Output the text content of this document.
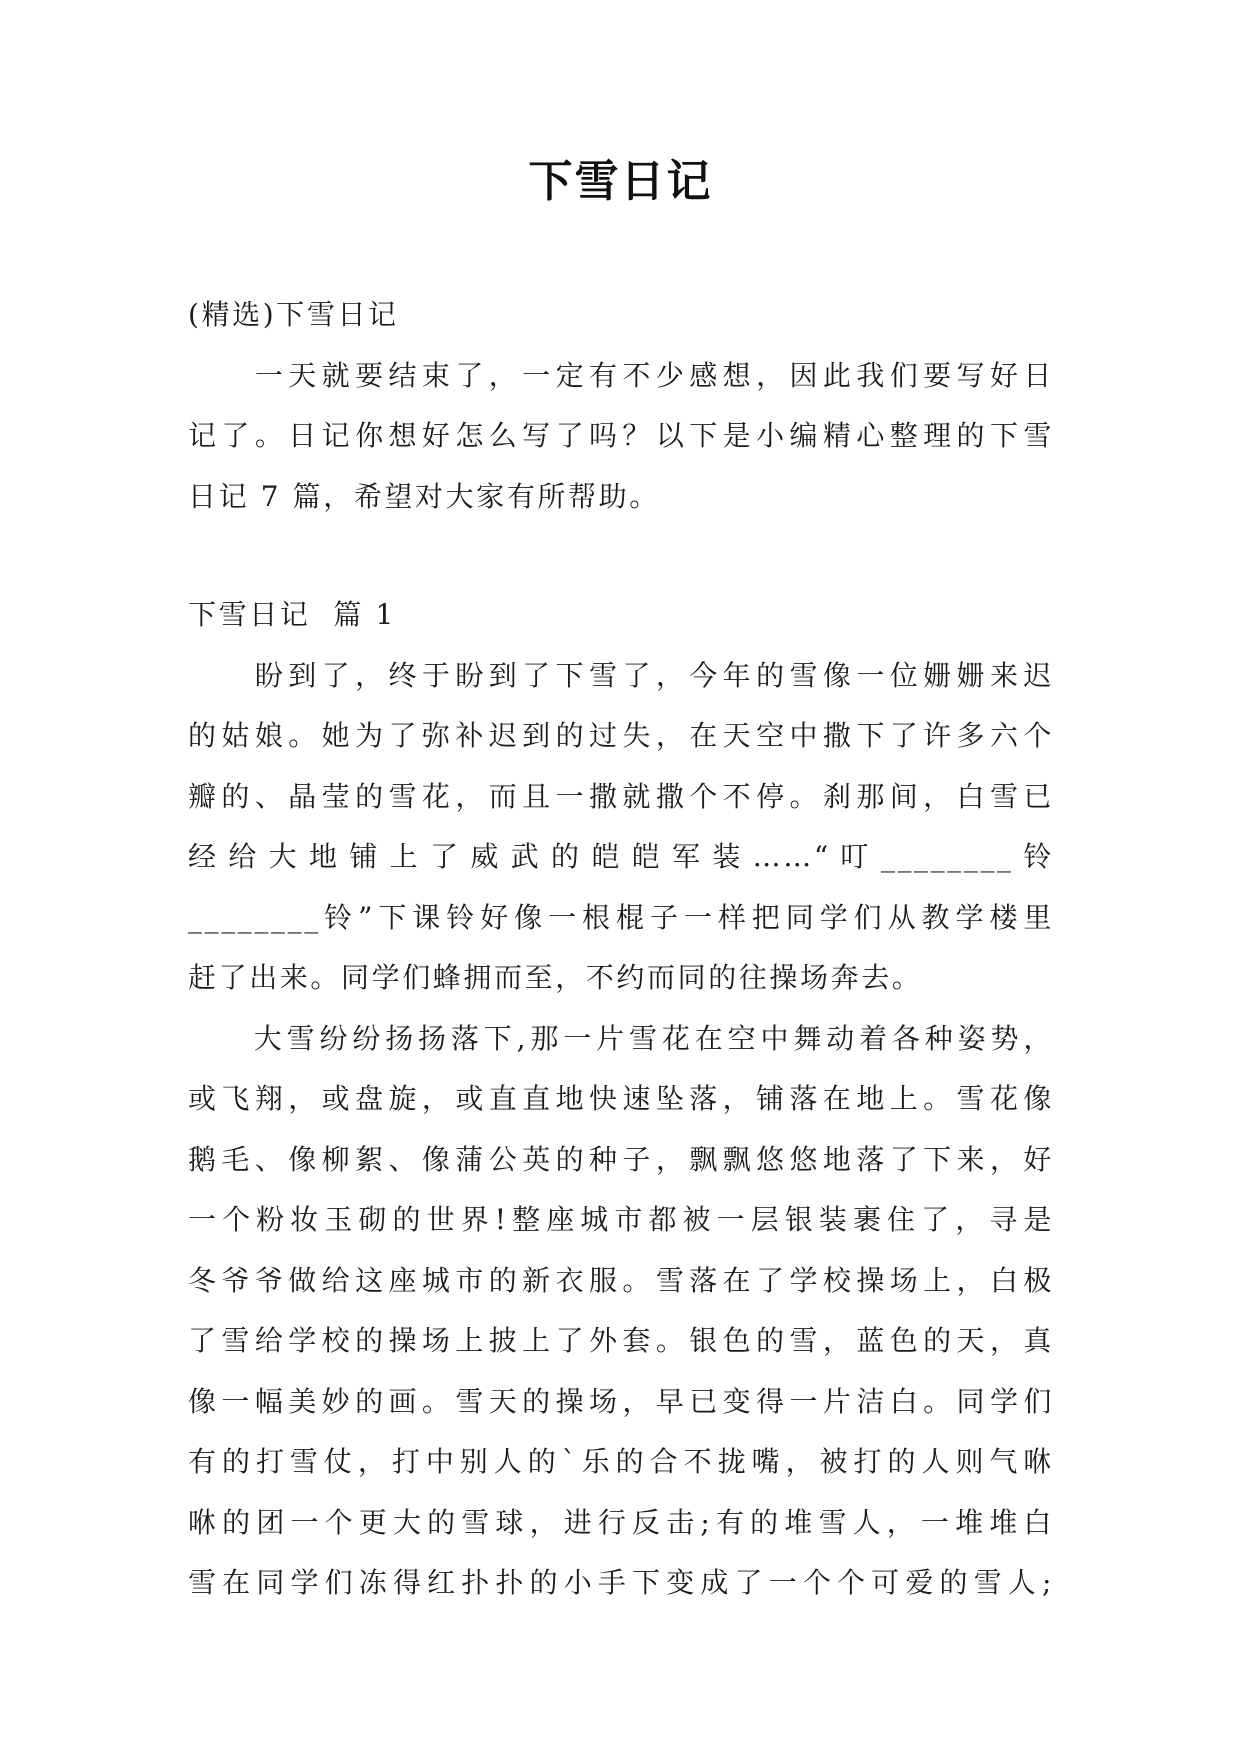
下雪日记
(精选)下雪日记
　　一天就要结束了，一定有不少感想，因此我们要写好日
记了。日记你想好怎么写了吗？以下是小编精心整理的下雪
日记 7 篇，希望对大家有所帮助。
下雪日记  篇 1
　　盼到了，终于盼到了下雪了，今年的雪像一位姗姗来迟
的姑娘。她为了弥补迟到的过失，在天空中撒下了许多六个
瓣的、晶莹的雪花，而且一撒就撒个不停。刹那间，白雪已
经给大地铺上了威武的皑皑军装……“叮________铃
________铃”下课铃好像一根棍子一样把同学们从教学楼里
赶了出来。同学们蜂拥而至，不约而同的往操场奔去。
　　大雪纷纷扬扬落下,那一片雪花在空中舞动着各种姿势，
或飞翔，或盘旋，或直直地快速坠落，铺落在地上。雪花像
鹅毛、像柳絮、像蒲公英的种子，飘飘悠悠地落了下来，好
一个粉妆玉砌的世界!整座城市都被一层银装裹住了，寻是
冬爷爷做给这座城市的新衣服。雪落在了学校操场上，白极
了雪给学校的操场上披上了外套。银色的雪，蓝色的天，真
像一幅美妙的画。雪天的操场，早已变得一片洁白。同学们
有的打雪仗，打中别人的`乐的合不拢嘴，被打的人则气咻
咻的团一个更大的雪球，进行反击;有的堆雪人，一堆堆白
雪在同学们冻得红扑扑的小手下变成了一个个可爱的雪人;
